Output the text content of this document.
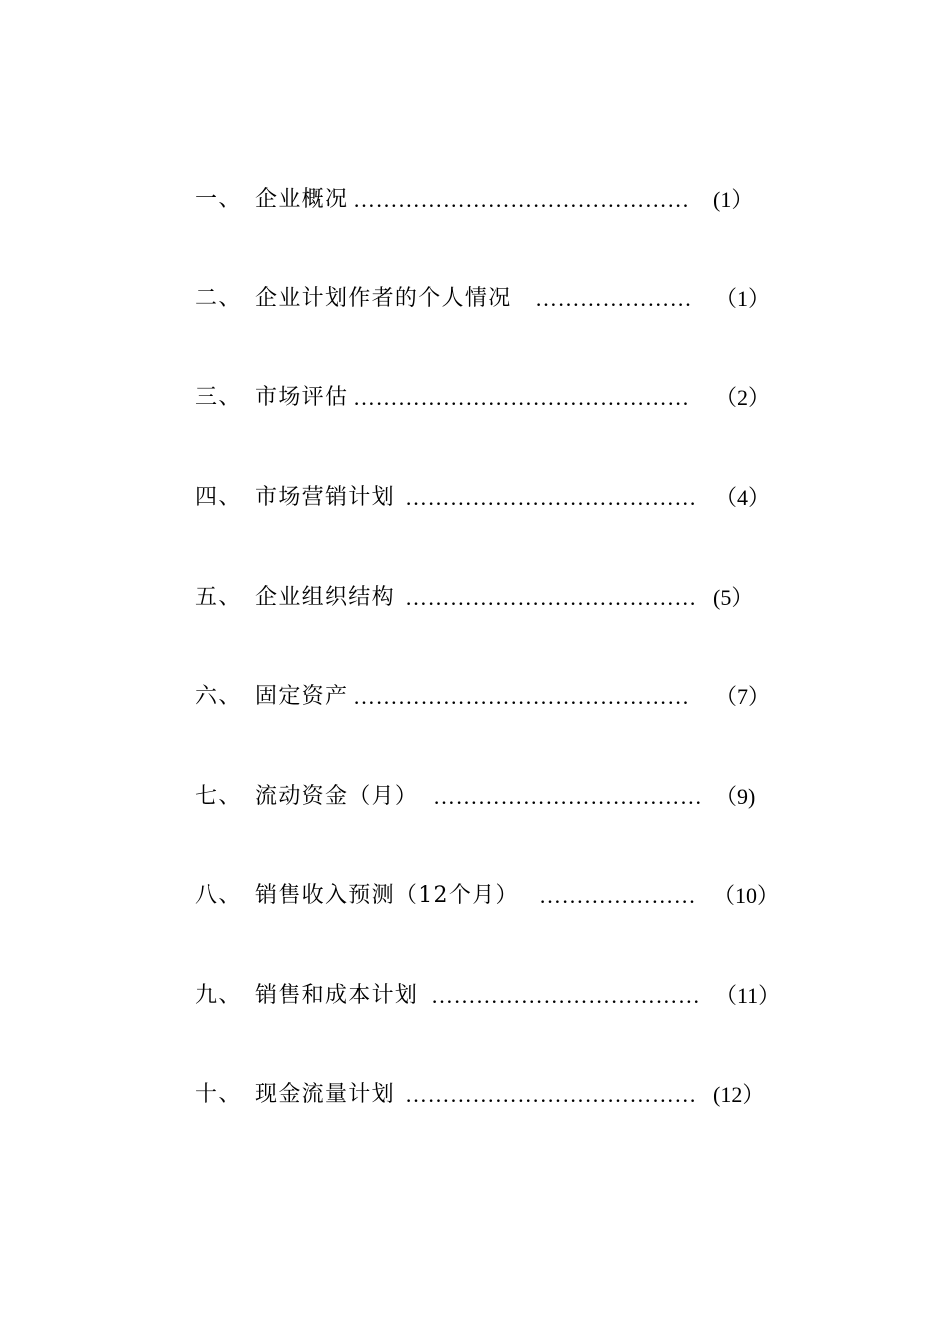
一、 企业概况 ……………………………………… (1）
二、 企业计划作者的个人情况 ………………… （1）
三、 市场评估 ……………………………………… （2）
四、 市场营销计划 ………………………………… （4）
五、 企业组织结构 ………………………………… (5）
六、 固定资产 ……………………………………… （7）
七、 流动资金（月） ……………………………… （9)
八、 销售收入预测（12个月） ………………… （10）
九、 销售和成本计划 ……………………………… （11）
十、 现金流量计划 ………………………………… (12）
